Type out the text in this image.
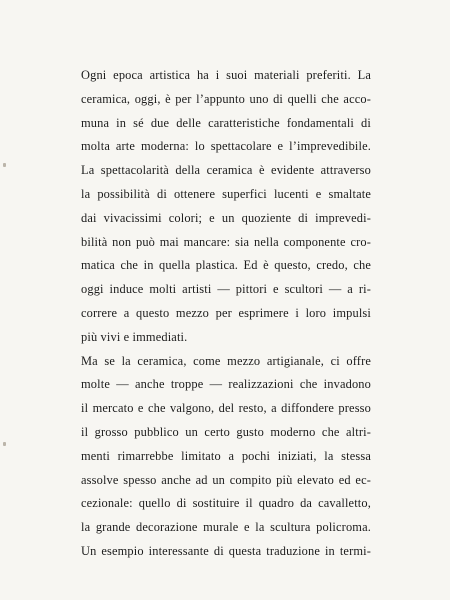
Ogni epoca artistica ha i suoi materiali preferiti. La
ceramica, oggi, è per l’appunto uno di quelli che acco-
muna in sé due delle caratteristiche fondamentali di
molta arte moderna: lo spettacolare e l’imprevedibile.
La spettacolarità della ceramica è evidente attraverso
la possibilità di ottenere superfici lucenti e smaltate
dai vivacissimi colori; e un quoziente di imprevedi-
bilità non può mai mancare: sia nella componente cro-
matica che in quella plastica. Ed è questo, credo, che
oggi induce molti artisti — pittori e scultori — a ri-
correre a questo mezzo per esprimere i loro impulsi
più vivi e immediati.
Ma se la ceramica, come mezzo artigianale, ci offre
molte — anche troppe — realizzazioni che invadono
il mercato e che valgono, del resto, a diffondere presso
il grosso pubblico un certo gusto moderno che altri-
menti rimarrebbe limitato a pochi iniziati, la stessa
assolve spesso anche ad un compito più elevato ed ec-
cezionale: quello di sostituire il quadro da cavalletto,
la grande decorazione murale e la scultura policroma.
Un esempio interessante di questa traduzione in termi-
